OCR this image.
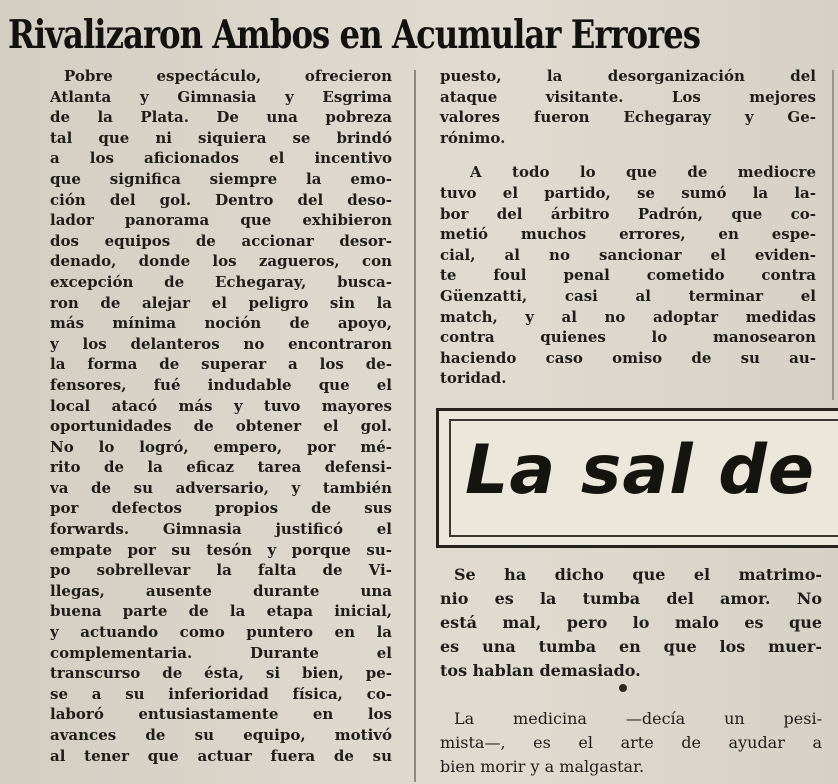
Rivalizaron Ambos en Acumular Errores
Pobre espectáculo, ofrecieron
Atlanta y Gimnasia y Esgrima
de la Plata. De una pobreza
tal que ni siquiera se brindó
a los aficionados el incentivo
que significa siempre la emo-
ción del gol. Dentro del deso-
lador panorama que exhibieron
dos equipos de accionar desor-
denado, donde los zagueros, con
excepción de Echegaray, busca-
ron de alejar el peligro sin la
más mínima noción de apoyo,
y los delanteros no encontraron
la forma de superar a los de-
fensores, fué indudable que el
local atacó más y tuvo mayores
oportunidades de obtener el gol.
No lo logró, empero, por mé-
rito de la eficaz tarea defensi-
va de su adversario, y también
por defectos propios de sus
forwards. Gimnasia justificó el
empate por su tesón y porque su-
po sobrellevar la falta de Vi-
llegas, ausente durante una
buena parte de la etapa inicial,
y actuando como puntero en la
complementaria. Durante el
transcurso de ésta, si bien, pe-
se a su inferioridad física, co-
laboró entusiastamente en los
avances de su equipo, motivó
al tener que actuar fuera de su
puesto, la desorganización del
ataque visitante. Los mejores
valores fueron Echegaray y Ge-
rónimo.
A todo lo que de mediocre
tuvo el partido, se sumó la la-
bor del árbitro Padrón, que co-
metió muchos errores, en espe-
cial, al no sancionar el eviden-
te foul penal cometido contra
Güenzatti, casi al terminar el
match, y al no adoptar medidas
contra quienes lo manosearon
haciendo caso omiso de su au-
toridad.
La sal de
Se ha dicho que el matrimo-
nio es la tumba del amor. No
está mal, pero lo malo es que
es una tumba en que los muer-
tos hablan demasiado.
La medicina —decía un pesi-
mista—, es el arte de ayudar a
bien morir y a malgastar.
